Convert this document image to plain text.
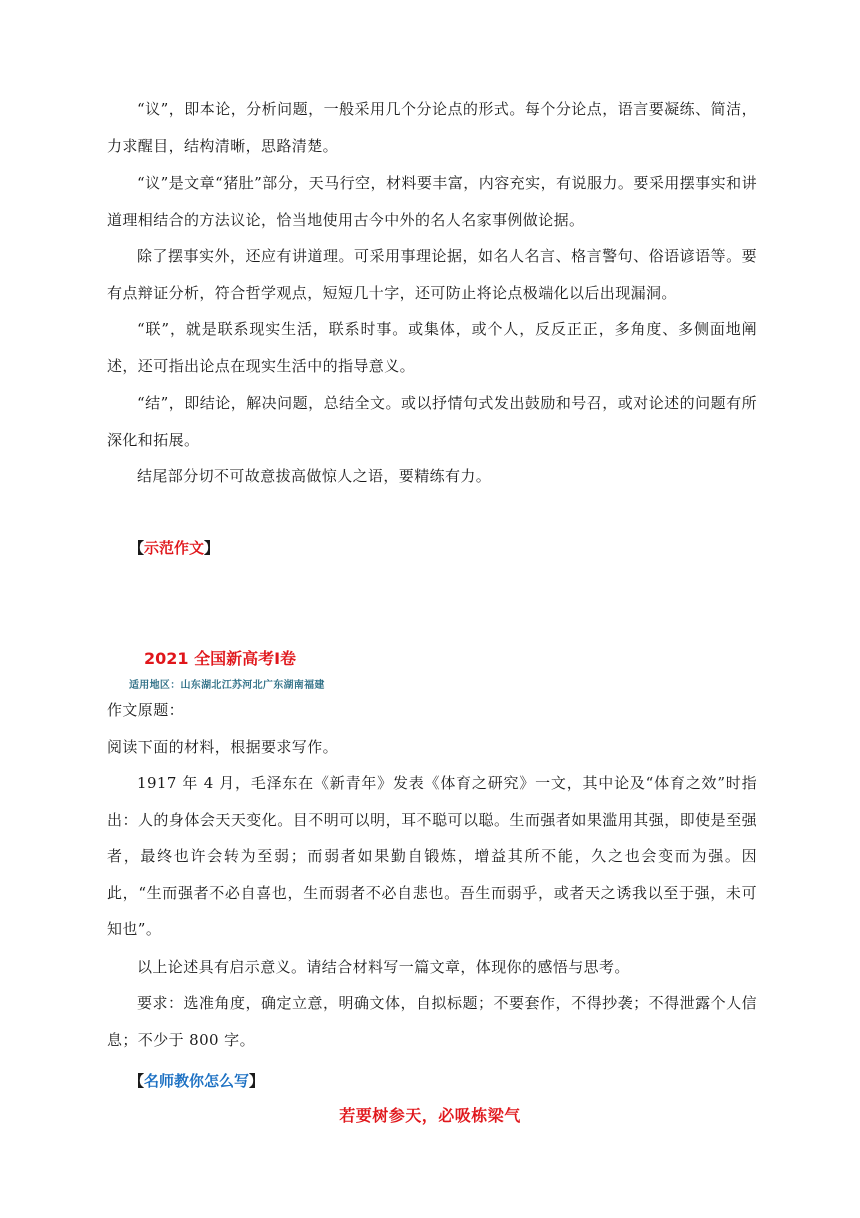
“议”，即本论，分析问题，一般采用几个分论点的形式。每个分论点，语言要凝练、简洁，力求醒目，结构清晰，思路清楚。

“议”是文章“猪肚”部分，天马行空，材料要丰富，内容充实，有说服力。要采用摆事实和讲道理相结合的方法议论，恰当地使用古今中外的名人名家事例做论据。

除了摆事实外，还应有讲道理。可采用事理论据，如名人名言、格言警句、俗语谚语等。要有点辩证分析，符合哲学观点，短短几十字，还可防止将论点极端化以后出现漏洞。

“联”，就是联系现实生活，联系时事。或集体，或个人，反反正正，多角度、多侧面地阐述，还可指出论点在现实生活中的指导意义。

“结”，即结论，解决问题，总结全文。或以抒情句式发出鼓励和号召，或对论述的问题有所深化和拓展。

结尾部分切不可故意拔高做惊人之语，要精练有力。

【示范作文】

2021 全国新高考Ⅰ卷

适用地区：山东湖北江苏河北广东湖南福建

作文原题：

阅读下面的材料，根据要求写作。

1917 年 4 月，毛泽东在《新青年》发表《体育之研究》一文，其中论及“体育之效”时指出：人的身体会天天变化。目不明可以明，耳不聪可以聪。生而强者如果滥用其强，即使是至强者，最终也许会转为至弱；而弱者如果勤自锻炼，增益其所不能，久之也会变而为强。因此，“生而强者不必自喜也，生而弱者不必自悲也。吾生而弱乎，或者天之诱我以至于强，未可知也”。

以上论述具有启示意义。请结合材料写一篇文章，体现你的感悟与思考。

要求：选准角度，确定立意，明确文体，自拟标题；不要套作，不得抄袭；不得泄露个人信息；不少于 800 字。

【名师教你怎么写】

若要树参天，必吸栋梁气
